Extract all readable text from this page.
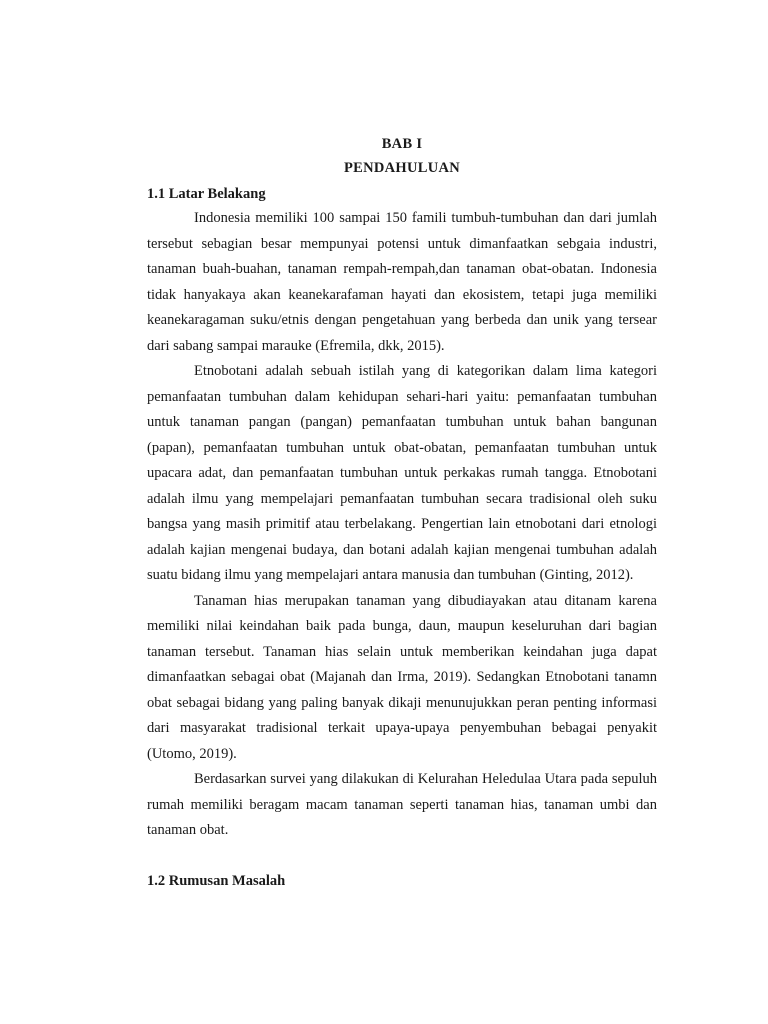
BAB I
PENDAHULUAN
1.1 Latar Belakang

Indonesia memiliki 100 sampai 150 famili tumbuh-tumbuhan dan dari jumlah tersebut sebagian besar mempunyai potensi untuk dimanfaatkan sebgaia industri, tanaman buah-buahan, tanaman rempah-rempah,dan tanaman obat-obatan. Indonesia tidak hanyakaya akan keanekarafaman hayati dan ekosistem, tetapi juga memiliki keanekaragaman suku/etnis dengan pengetahuan yang berbeda dan unik yang tersear dari sabang sampai marauke (Efremila, dkk, 2015).

Etnobotani adalah sebuah istilah yang di kategorikan dalam lima kategori pemanfaatan tumbuhan dalam kehidupan sehari-hari yaitu: pemanfaatan tumbuhan untuk tanaman pangan (pangan) pemanfaatan tumbuhan untuk bahan bangunan (papan), pemanfaatan tumbuhan untuk obat-obatan, pemanfaatan tumbuhan untuk upacara adat, dan pemanfaatan tumbuhan untuk perkakas rumah tangga. Etnobotani adalah ilmu yang mempelajari pemanfaatan tumbuhan secara tradisional oleh suku bangsa yang masih primitif atau terbelakang. Pengertian lain etnobotani dari etnologi adalah kajian mengenai budaya, dan botani adalah kajian mengenai tumbuhan adalah suatu bidang ilmu yang mempelajari antara manusia dan tumbuhan (Ginting, 2012).

Tanaman hias merupakan tanaman yang dibudiayakan atau ditanam karena memiliki nilai keindahan baik pada bunga, daun, maupun keseluruhan dari bagian tanaman tersebut. Tanaman hias selain untuk memberikan keindahan juga dapat dimanfaatkan sebagai obat (Majanah dan Irma, 2019). Sedangkan Etnobotani tanamn obat sebagai bidang yang paling banyak dikaji menunujukkan peran penting informasi dari masyarakat tradisional terkait upaya-upaya penyembuhan bebagai penyakit (Utomo, 2019).

Berdasarkan survei yang dilakukan di Kelurahan Heledulaa Utara pada sepuluh rumah memiliki beragam macam tanaman seperti tanaman hias, tanaman umbi dan tanaman obat.

1.2 Rumusan Masalah
